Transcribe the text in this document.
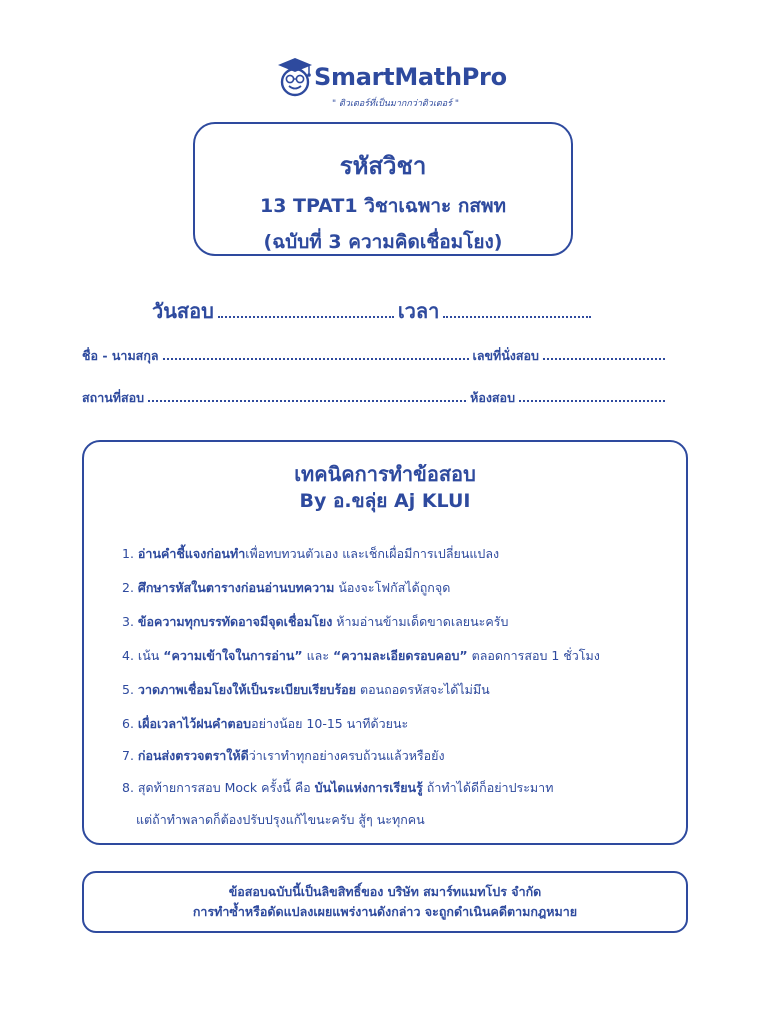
SmartMathPro
" ติวเตอร์ที่เป็นมากกว่าติวเตอร์ "
รหัสวิชา
13 TPAT1 วิชาเฉพาะ กสพท
(ฉบับที่ 3 ความคิดเชื่อมโยง)
วันสอบ	เวลา
ชื่อ - นามสกุล	เลขที่นั่งสอบ
สถานที่สอบ	ห้องสอบ
เทคนิคการทำข้อสอบ
By อ.ขลุ่ย Aj KLUI
1. อ่านคำชี้แจงก่อนทำเพื่อทบทวนตัวเอง และเช็กเผื่อมีการเปลี่ยนแปลง
2. ศึกษารหัสในตารางก่อนอ่านบทความ น้องจะโฟกัสได้ถูกจุด
3. ข้อความทุกบรรทัดอาจมีจุดเชื่อมโยง ห้ามอ่านข้ามเด็ดขาดเลยนะครับ
4. เน้น “ความเข้าใจในการอ่าน” และ “ความละเอียดรอบคอบ” ตลอดการสอบ 1 ชั่วโมง
5. วาดภาพเชื่อมโยงให้เป็นระเบียบเรียบร้อย ตอนถอดรหัสจะได้ไม่มึน
6. เผื่อเวลาไว้ฝนคำตอบอย่างน้อย 10-15 นาทีด้วยนะ
7. ก่อนส่งตรวจตราให้ดีว่าเราทำทุกอย่างครบถ้วนแล้วหรือยัง
8. สุดท้ายการสอบ Mock ครั้งนี้ คือ บันไดแห่งการเรียนรู้ ถ้าทำได้ดีก็อย่าประมาท
แต่ถ้าทำพลาดก็ต้องปรับปรุงแก้ไขนะครับ สู้ๆ นะทุกคน
ข้อสอบฉบับนี้เป็นลิขสิทธิ์ของ บริษัท สมาร์ทแมทโปร จำกัด
การทำซ้ำหรือดัดแปลงเผยแพร่งานดังกล่าว จะถูกดำเนินคดีตามกฎหมาย
